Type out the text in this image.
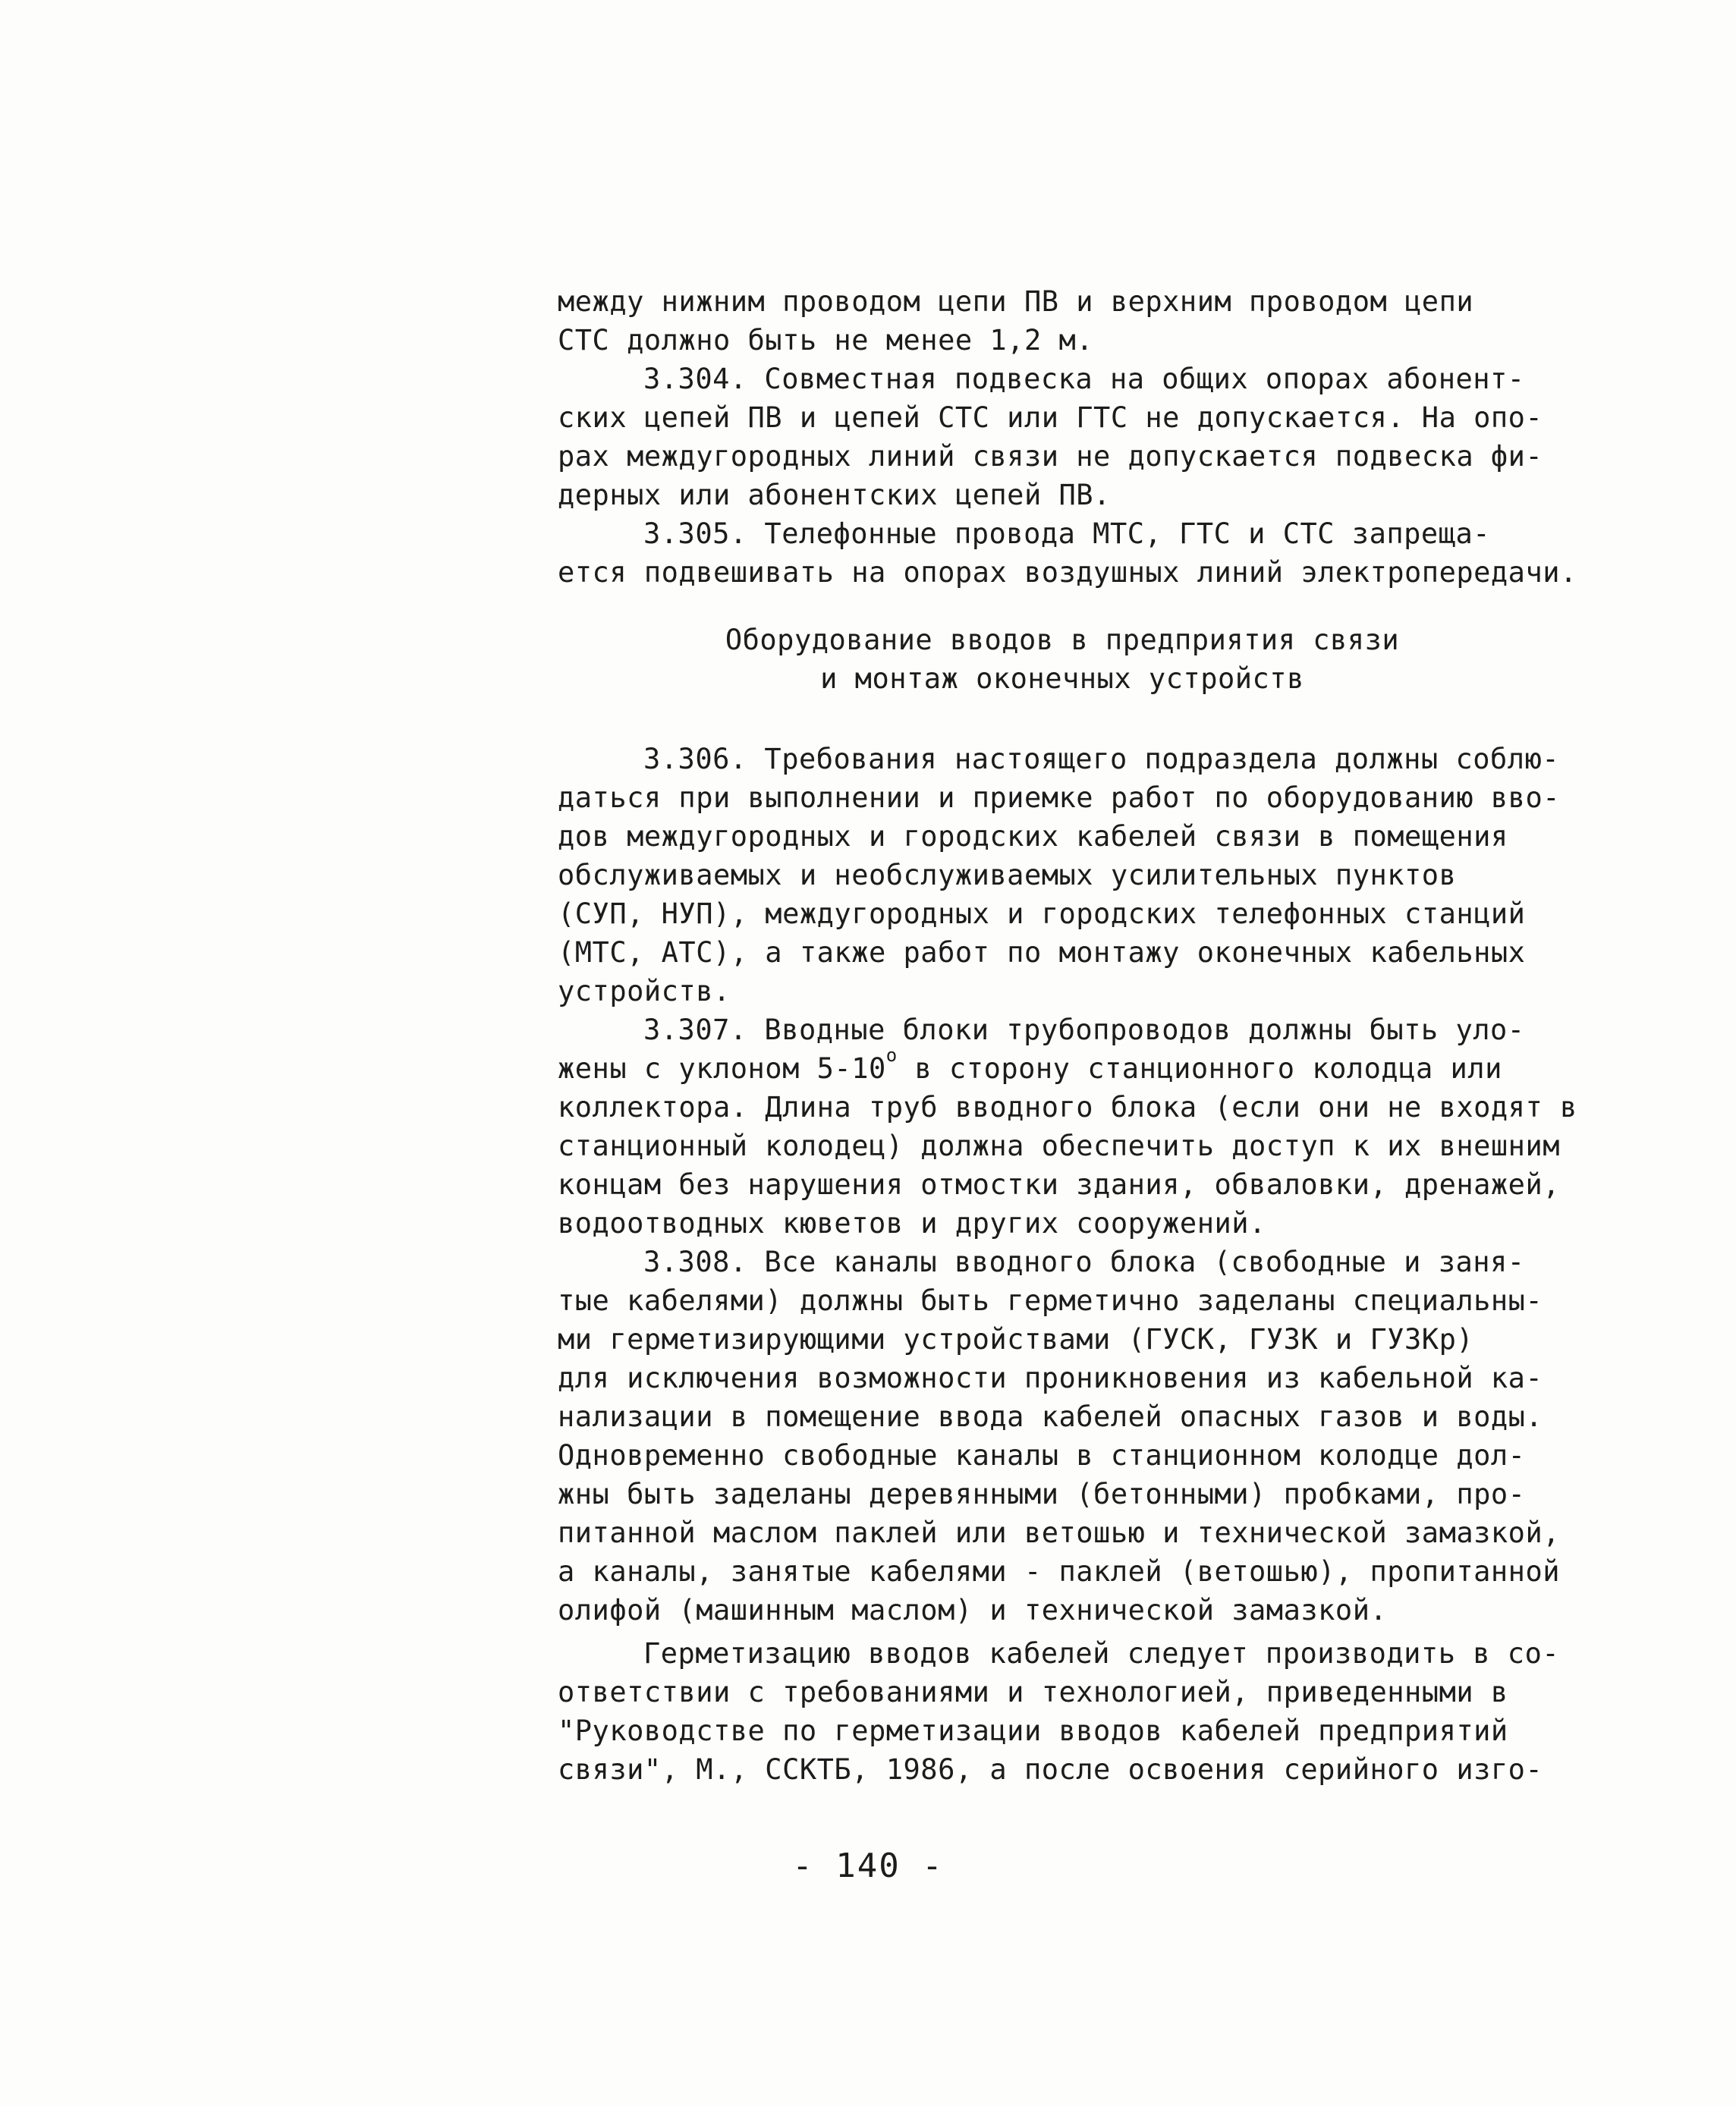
между нижним проводом цепи ПВ и верхним проводом цепи
СТС должно быть не менее 1,2 м.
3.304. Совместная подвеска на общих опорах абонент-
ских цепей ПВ и цепей СТС или ГТС не допускается. На опо-
рах междугородных линий связи не допускается подвеска фи-
дерных или абонентских цепей ПВ.
3.305. Телефонные провода МТС, ГТС и СТС запреща-
ется подвешивать на опорах воздушных линий электропередачи.
Оборудование вводов в предприятия связи
и монтаж оконечных устройств
3.306. Требования настоящего подраздела должны соблю-
даться при выполнении и приемке работ по оборудованию вво-
дов междугородных и городских кабелей связи в помещения
обслуживаемых и необслуживаемых усилительных пунктов
(СУП, НУП), междугородных и городских телефонных станций
(МТС, АТС), а также работ по монтажу оконечных кабельных
устройств.
3.307. Вводные блоки трубопроводов должны быть уло-
жены с уклоном $5-10^о$ в сторону станционного колодца или
коллектора. Длина труб вводного блока (если они не входят в
станционный колодец) должна обеспечить доступ к их внешним
концам без нарушения отмостки здания, обваловки, дренажей,
водоотводных кюветов и других сооружений.
3.308. Все каналы вводного блока (свободные и заня-
тые кабелями) должны быть герметично заделаны специальны-
ми герметизирующими устройствами (ГУСК, ГУЗК и ГУЗКр)
для исключения возможности проникновения из кабельной ка-
нализации в помещение ввода кабелей опасных газов и воды.
Одновременно свободные каналы в станционном колодце дол-
жны быть заделаны деревянными (бетонными) пробками, про-
питанной маслом паклей или ветошью и технической замазкой,
а каналы, занятые кабелями - паклей (ветошью), пропитанной
олифой (машинным маслом) и технической замазкой.
Герметизацию вводов кабелей следует производить в со-
ответствии с требованиями и технологией, приведенными в
"Руководстве по герметизации вводов кабелей предприятий
связи", М., ССКТБ, 1986, а после освоения серийного изго-
- 140 -
